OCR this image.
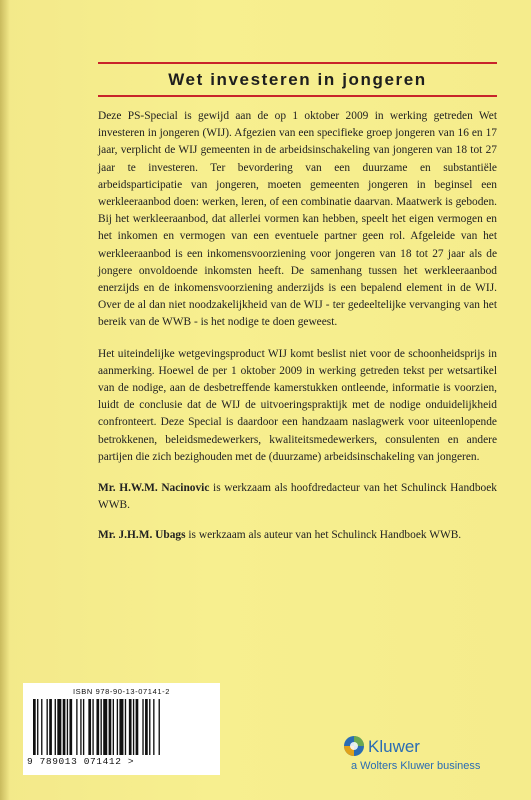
Wet investeren in jongeren

Deze PS-Special is gewijd aan de op 1 oktober 2009 in werking getreden Wet investeren in jongeren (WIJ). Afgezien van een specifieke groep jongeren van 16 en 17 jaar, verplicht de WIJ gemeenten in de arbeidsinschakeling van jongeren van 18 tot 27 jaar te investeren. Ter bevordering van een duurzame en substantiële arbeidsparticipatie van jongeren, moeten gemeenten jongeren in beginsel een werkleeraanbod doen: werken, leren, of een combinatie daarvan. Maatwerk is geboden. Bij het werkleeraanbod, dat allerlei vormen kan hebben, speelt het eigen vermogen en het inkomen en vermogen van een eventuele partner geen rol. Afgeleide van het werkleeraanbod is een inkomensvoorziening voor jongeren van 18 tot 27 jaar als de jongere onvoldoende inkomsten heeft. De samenhang tussen het werkleeraanbod enerzijds en de inkomensvoorziening anderzijds is een bepalend element in de WIJ. Over de al dan niet noodzakelijkheid van de WIJ - ter gedeeltelijke vervanging van het bereik van de WWB - is het nodige te doen geweest.

Het uiteindelijke wetgevingsproduct WIJ komt beslist niet voor de schoonheidsprijs in aanmerking. Hoewel de per 1 oktober 2009 in werking getreden tekst per wetsartikel van de nodige, aan de desbetreffende kamerstukken ontleende, informatie is voorzien, luidt de conclusie dat de WIJ de uitvoeringspraktijk met de nodige onduidelijkheid confronteert. Deze Special is daardoor een handzaam naslagwerk voor uiteenlopende betrokkenen, beleidsmedewerkers, kwaliteitsmedewerkers, consulenten en andere partijen die zich bezighouden met de (duurzame) arbeidsinschakeling van jongeren.

Mr. H.W.M. Nacinovic is werkzaam als hoofdredacteur van het Schulinck Handboek WWB.

Mr. J.H.M. Ubags is werkzaam als auteur van het Schulinck Handboek WWB.

ISBN 978-90-13-07141-2
9 789013 071412 >
Kluwer
a Wolters Kluwer business
